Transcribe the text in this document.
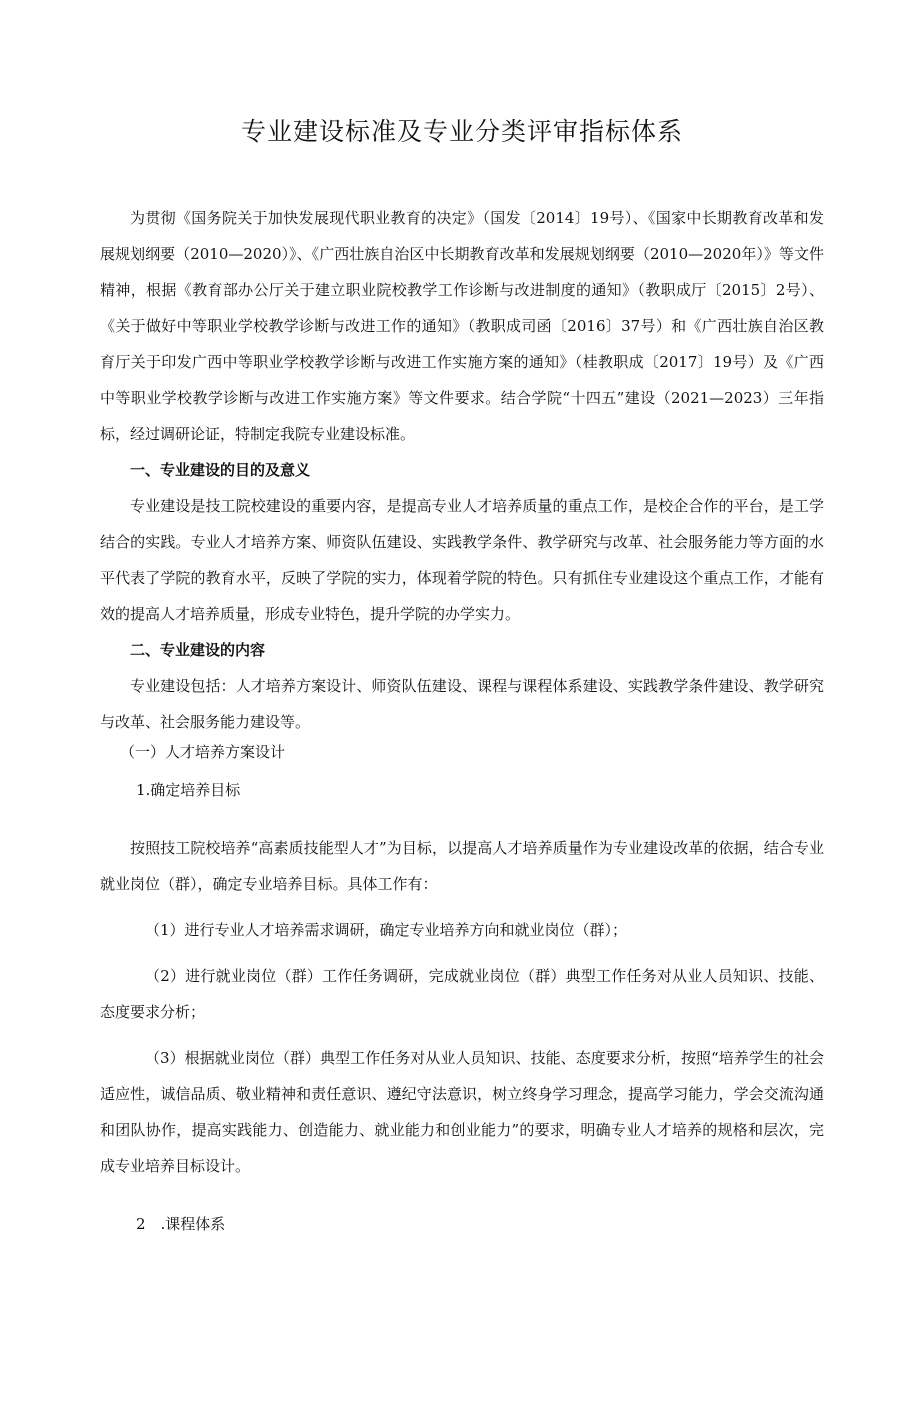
专业建设标准及专业分类评审指标体系

为贯彻《国务院关于加快发展现代职业教育的决定》（国发〔2014〕19号）、《国家中长期教育改革和发展规划纲要（2010—2020）》、《广西壮族自治区中长期教育改革和发展规划纲要（2010—2020年）》等文件精神，根据《教育部办公厅关于建立职业院校教学工作诊断与改进制度的通知》（教职成厅〔2015〕2号）、《关于做好中等职业学校教学诊断与改进工作的通知》（教职成司函〔2016〕37号）和《广西壮族自治区教育厅关于印发广西中等职业学校教学诊断与改进工作实施方案的通知》（桂教职成〔2017〕19号）及《广西中等职业学校教学诊断与改进工作实施方案》等文件要求。结合学院“十四五”建设（2021—2023）三年指标，经过调研论证，特制定我院专业建设标准。

一、专业建设的目的及意义

专业建设是技工院校建设的重要内容，是提高专业人才培养质量的重点工作，是校企合作的平台，是工学结合的实践。专业人才培养方案、师资队伍建设、实践教学条件、教学研究与改革、社会服务能力等方面的水平代表了学院的教育水平，反映了学院的实力，体现着学院的特色。只有抓住专业建设这个重点工作，才能有效的提高人才培养质量，形成专业特色，提升学院的办学实力。

二、专业建设的内容

专业建设包括：人才培养方案设计、师资队伍建设、课程与课程体系建设、实践教学条件建设、教学研究与改革、社会服务能力建设等。

（一）人才培养方案设计

1.确定培养目标

按照技工院校培养“高素质技能型人才”为目标，以提高人才培养质量作为专业建设改革的依据，结合专业就业岗位（群），确定专业培养目标。具体工作有：

（1）进行专业人才培养需求调研，确定专业培养方向和就业岗位（群）；

（2）进行就业岗位（群）工作任务调研，完成就业岗位（群）典型工作任务对从业人员知识、技能、态度要求分析；

（3）根据就业岗位（群）典型工作任务对从业人员知识、技能、态度要求分析，按照“培养学生的社会适应性，诚信品质、敬业精神和责任意识、遵纪守法意识，树立终身学习理念，提高学习能力，学会交流沟通和团队协作，提高实践能力、创造能力、就业能力和创业能力”的要求，明确专业人才培养的规格和层次，完成专业培养目标设计。

2　.课程体系
